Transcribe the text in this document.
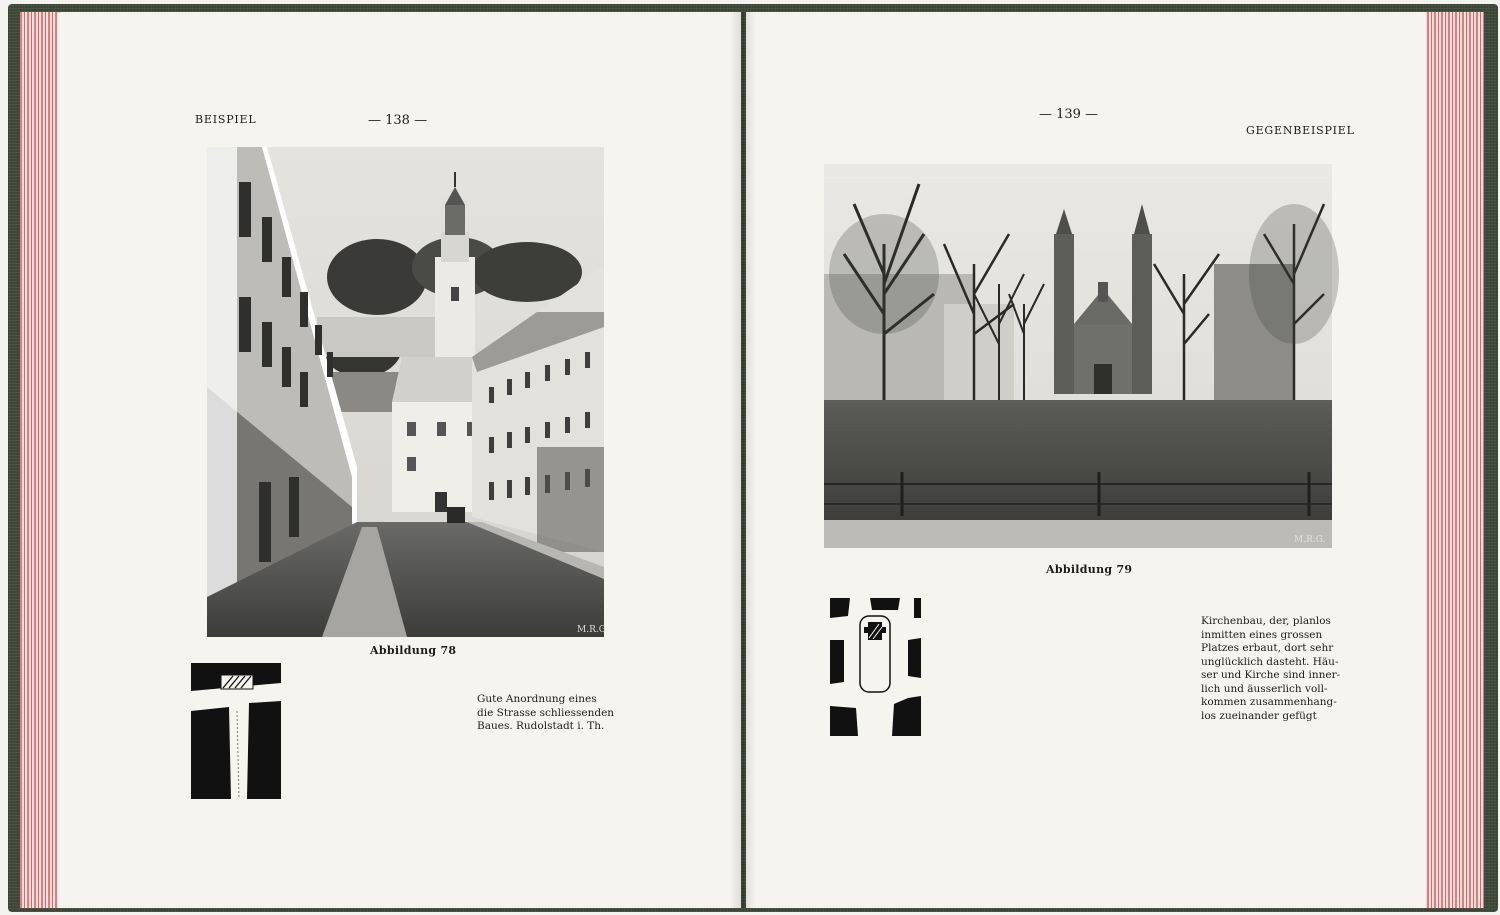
BEISPIEL	— 138 —
M.R.G.
Abbildung 78
Gute Anordnung eines
die Strasse schliessenden
Baues. Rudolstadt i. Th.
— 139 —
GEGENBEISPIEL
M.R.G.
Abbildung 79
Kirchenbau, der, planlos
inmitten eines grossen
Platzes erbaut, dort sehr
unglücklich dasteht. Häu-
ser und Kirche sind inner-
lich und äusserlich voll-
kommen zusammenhang-
los zueinander gefügt
